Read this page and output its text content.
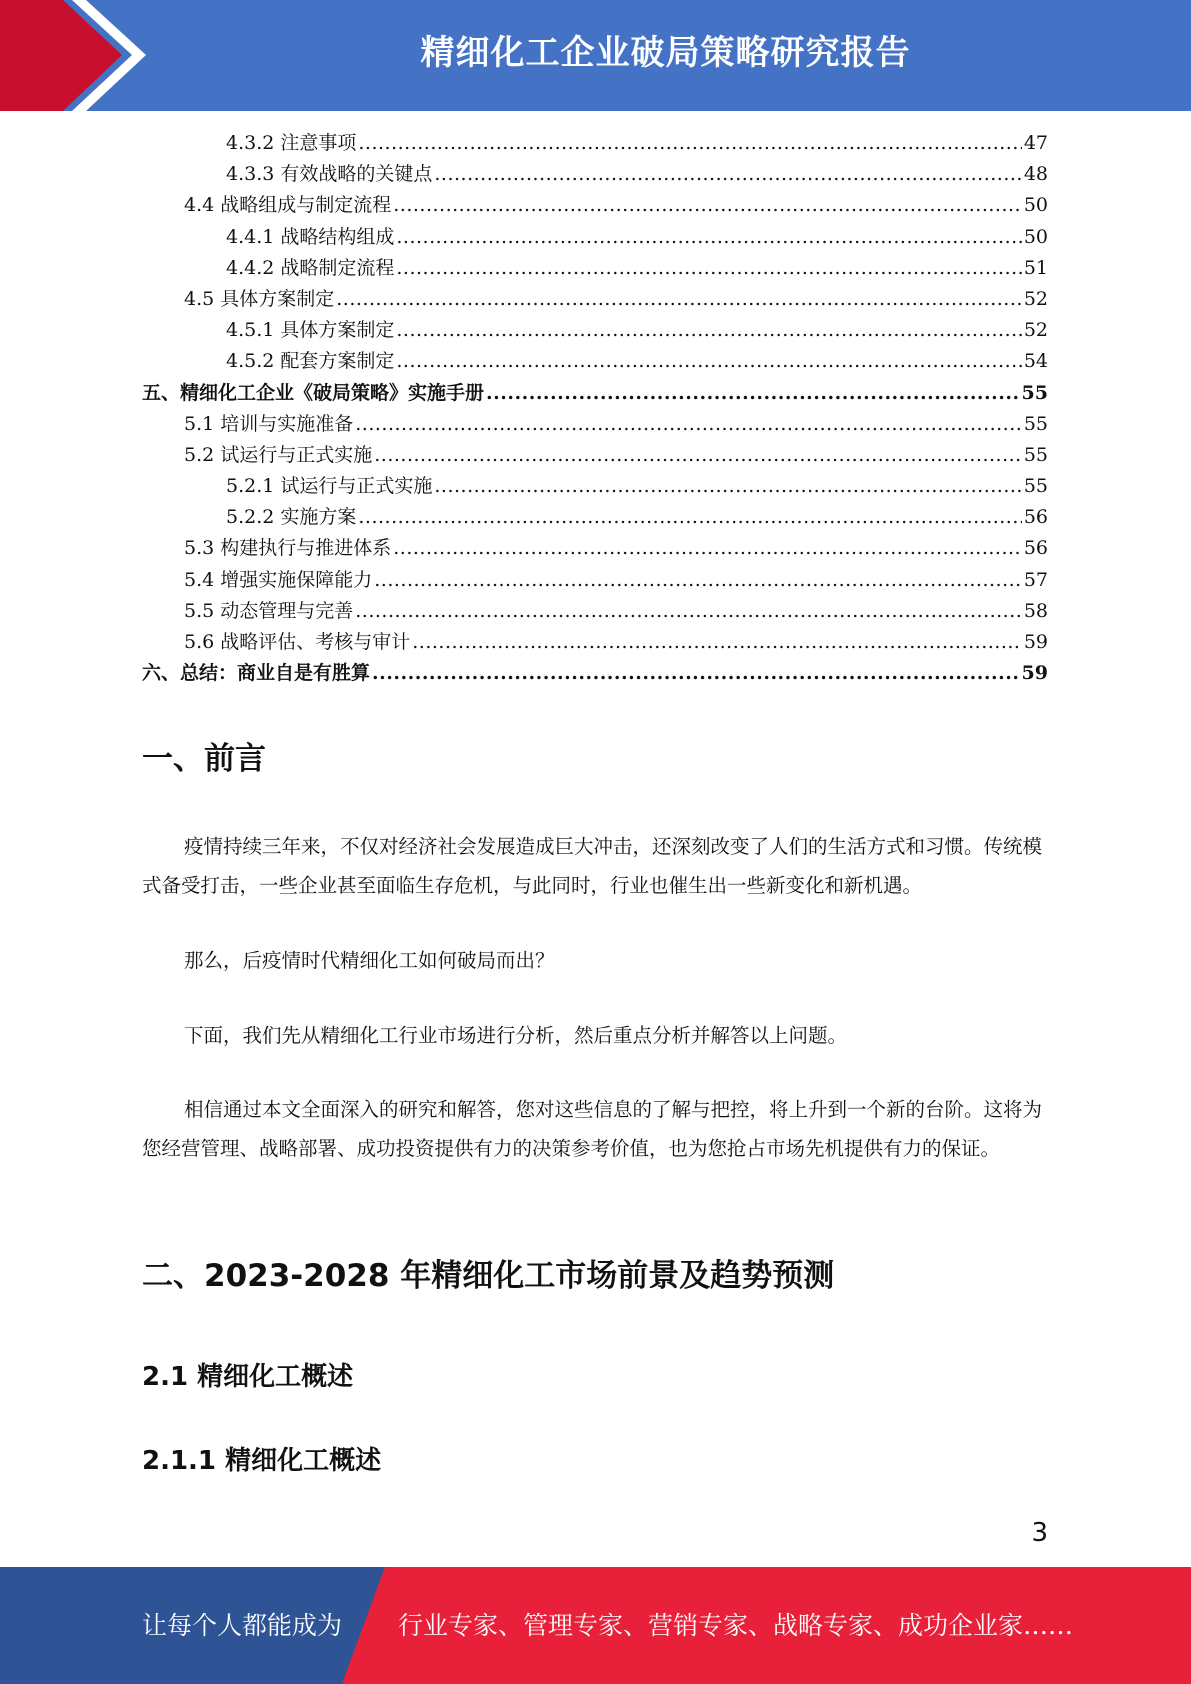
精细化工企业破局策略研究报告
4.3.2 注意事项 .....	47
4.3.3 有效战略的关键点 .....	48
4.4 战略组成与制定流程 .....	50
4.4.1 战略结构组成 .....	50
4.4.2 战略制定流程 .....	51
4.5 具体方案制定 .....	52
4.5.1 具体方案制定 .....	52
4.5.2 配套方案制定 .....	54
五、精细化工企业《破局策略》实施手册 .....	55
5.1 培训与实施准备 .....	55
5.2 试运行与正式实施 .....	55
5.2.1 试运行与正式实施 .....	55
5.2.2 实施方案 .....	56
5.3 构建执行与推进体系 .....	56
5.4 增强实施保障能力 .....	57
5.5 动态管理与完善 .....	58
5.6 战略评估、考核与审计 .....	59
六、总结：商业自是有胜算 .....	59
一、前言

疫情持续三年来，不仅对经济社会发展造成巨大冲击，还深刻改变了人们的生活方式和习惯。传统模式备受打击，一些企业甚至面临生存危机，与此同时，行业也催生出一些新变化和新机遇。

那么，后疫情时代精细化工如何破局而出？

下面，我们先从精细化工行业市场进行分析，然后重点分析并解答以上问题。

相信通过本文全面深入的研究和解答，您对这些信息的了解与把控，将上升到一个新的台阶。这将为您经营管理、战略部署、成功投资提供有力的决策参考价值，也为您抢占市场先机提供有力的保证。

二、2023-2028 年精细化工市场前景及趋势预测
2.1 精细化工概述
2.1.1 精细化工概述
3
让每个人都能成为 行业专家、管理专家、营销专家、战略专家、成功企业家……
